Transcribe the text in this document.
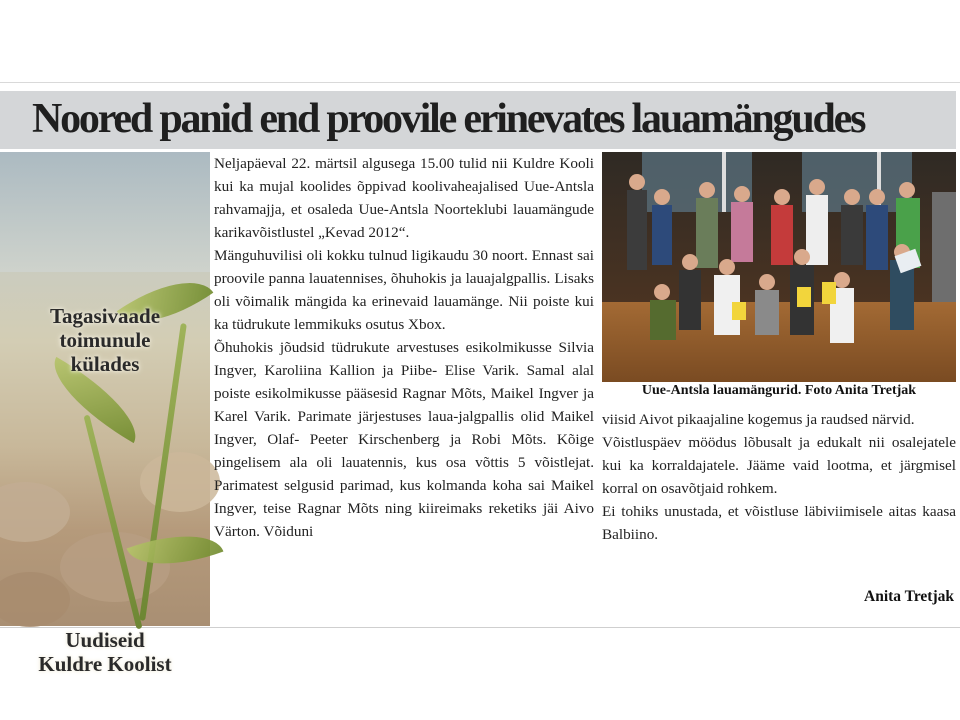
Noored panid end proovile erinevates lauamängudes
Tagasivaade
toimunule
külades
Uudiseid
Kuldre Koolist

Neljapäeval 22. märtsil algusega 15.00 tulid nii Kuldre Kooli kui ka mujal koolides õppivad koolivaheajalised Uue-Antsla rahvamajja, et osaleda Uue-Antsla Noorteklubi lauamängude karikavõistlustel „Kevad 2012“.

Mänguhuvilisi oli kokku tulnud ligikaudu 30 noort. Ennast sai proovile panna lauatennises, õhuhokis ja lauajalgpallis. Lisaks oli võimalik mängida ka erinevaid lauamänge. Nii poiste kui ka tüdrukute lemmikuks osutus Xbox.

Õhuhokis jõudsid tüdrukute arvestuses esikolmikusse Silvia Ingver, Karoliina Kallion ja Piibe- Elise Varik. Samal alal poiste esikolmikusse pääsesid Ragnar Mõts, Maikel Ingver ja Karel Varik. Parimate järjestuses laua-jalgpallis olid Maikel Ingver, Olaf- Peeter Kirschenberg ja Robi Mõts. Kõige pingelisem ala oli lauatennis, kus osa võttis 5 võistlejat. Parimatest selgusid parimad, kus kolmanda koha sai Maikel Ingver, teise Ragnar Mõts ning kiireimaks reketiks jäi Aivo Värton. Võiduni

Uue-Antsla lauamängurid. Foto Anita Tretjak

viisid Aivot pikaajaline kogemus ja raudsed närvid.

Võistluspäev möödus lõbusalt ja edukalt nii osalejatele kui ka korraldajatele. Jääme vaid lootma, et järgmisel korral on osavõtjaid rohkem.

Ei tohiks unustada, et võistluse läbiviimisele aitas kaasa Balbiino.

Anita Tretjak
